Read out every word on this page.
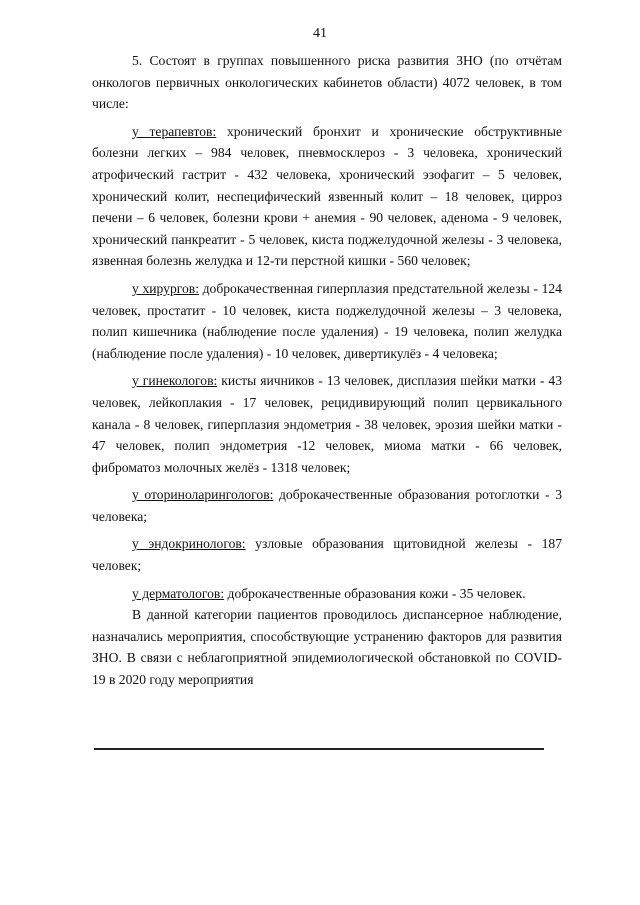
41

5. Состоят в группах повышенного риска развития ЗНО (по отчётам онкологов первичных онкологических кабинетов области) 4072 человек, в том числе:

у терапевтов: хронический бронхит и хронические обструктивные болезни легких – 984 человек, пневмосклероз - 3 человека, хронический атрофический гастрит - 432 человека, хронический эзофагит – 5 человек, хронический колит, неспецифический язвенный колит – 18 человек, цирроз печени – 6 человек, болезни крови + анемия - 90 человек, аденома - 9 человек, хронический панкреатит - 5 человек, киста поджелудочной железы - 3 человека, язвенная болезнь желудка и 12-ти перстной кишки - 560 человек;

у хирургов: доброкачественная гиперплазия предстательной железы - 124 человек, простатит - 10 человек, киста поджелудочной железы – 3 человека, полип кишечника (наблюдение после удаления) - 19 человека, полип желудка (наблюдение после удаления) - 10 человек, дивертикулёз - 4 человека;

у гинекологов: кисты яичников - 13 человек, дисплазия шейки матки - 43 человек, лейкоплакия - 17 человек, рецидивирующий полип цервикального канала - 8 человек, гиперплазия эндометрия - 38 человек, эрозия шейки матки - 47 человек, полип эндометрия -12 человек, миома матки - 66 человек, фиброматоз молочных желёз - 1318 человек;

у оториноларингологов: доброкачественные образования ротоглотки - 3 человека;

у эндокринологов: узловые образования щитовидной железы - 187 человек;

у дерматологов: доброкачественные образования кожи - 35 человек.

В данной категории пациентов проводилось диспансерное наблюдение, назначались мероприятия, способствующие устранению факторов для развития ЗНО. В связи с неблагоприятной эпидемиологической обстановкой по COVID-19 в 2020 году мероприятия
